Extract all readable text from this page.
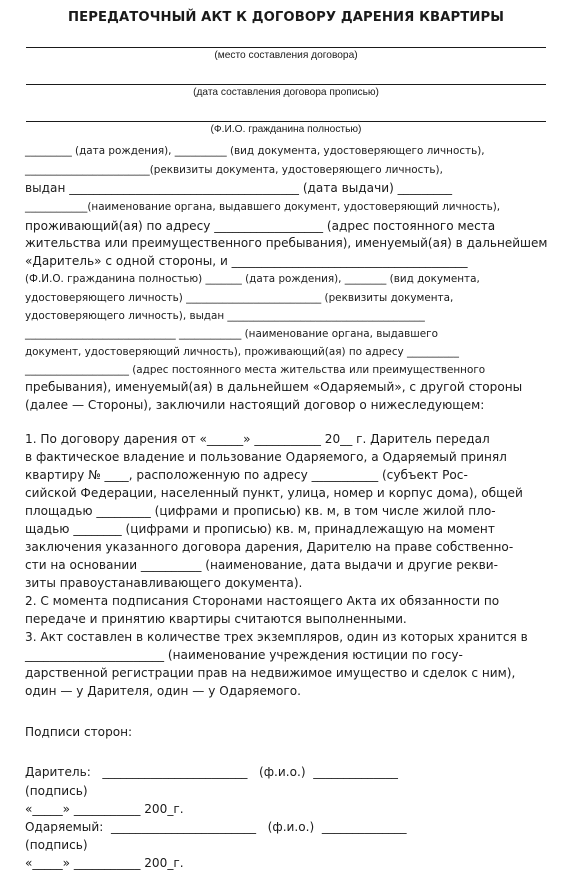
ПЕРЕДАТОЧНЫЙ АКТ К ДОГОВОРУ ДАРЕНИЯ КВАРТИРЫ
(место составления договора)
(дата составления договора прописью)
(Ф.И.О. гражданина полностью)
_________ (дата рождения), __________ (вид документа, удостоверяющего личность),
________________________(реквизиты документа, удостоверяющего личность),
выдан ______________________________________ (дата выдачи) _________
____________(наименование органа, выдавшего документ, удостоверяющий личность),
проживающий(ая) по адресу __________________ (адрес постоянного места
жительства или преимущественного пребывания), именуемый(ая) в дальнейшем
«Даритель» с одной стороны, и _______________________________________
(Ф.И.О. гражданина полностью) _______ (дата рождения), ________ (вид документа,
удостоверяющего личность) __________________________ (реквизиты документа,
удостоверяющего личность), выдан ______________________________________
_____________________________ ____________ (наименование органа, выдавшего
документ, удостоверяющий личность), проживающий(ая) по адресу __________
____________________ (адрес постоянного места жительства или преимущественного
пребывания), именуемый(ая) в дальнейшем «Одаряемый», с другой стороны
(далее — Стороны), заключили настоящий договор о нижеследующем:
1. По договору дарения от «______» ___________ 20__ г. Даритель передал
в фактическое владение и пользование Одаряемого, а Одаряемый принял
квартиру № ____, расположенную по адресу ___________ (субъект Рос-
сийской Федерации, населенный пункт, улица, номер и корпус дома), общей
площадью _________ (цифрами и прописью) кв. м, в том числе жилой пло-
щадью ________ (цифрами и прописью) кв. м, принадлежащую на момент
заключения указанного договора дарения, Дарителю на праве собственно-
сти на основании __________ (наименование, дата выдачи и другие рекви-
зиты правоустанавливающего документа).
2. С момента подписания Сторонами настоящего Акта их обязанности по
передаче и принятию квартиры считаются выполненными.
3. Акт составлен в количестве трех экземпляров, один из которых хранится в
_______________________ (наименование учреждения юстиции по госу-
дарственной регистрации прав на недвижимое имущество и сделок с ним),
один — у Дарителя, один — у Одаряемого.
Подписи сторон:
Даритель:   ________________________   (ф.и.о.)  ______________
(подпись)
«_____» ___________ 200_г.
Одаряемый:  ________________________   (ф.и.о.)  ______________
(подпись)
«_____» ___________ 200_г.
